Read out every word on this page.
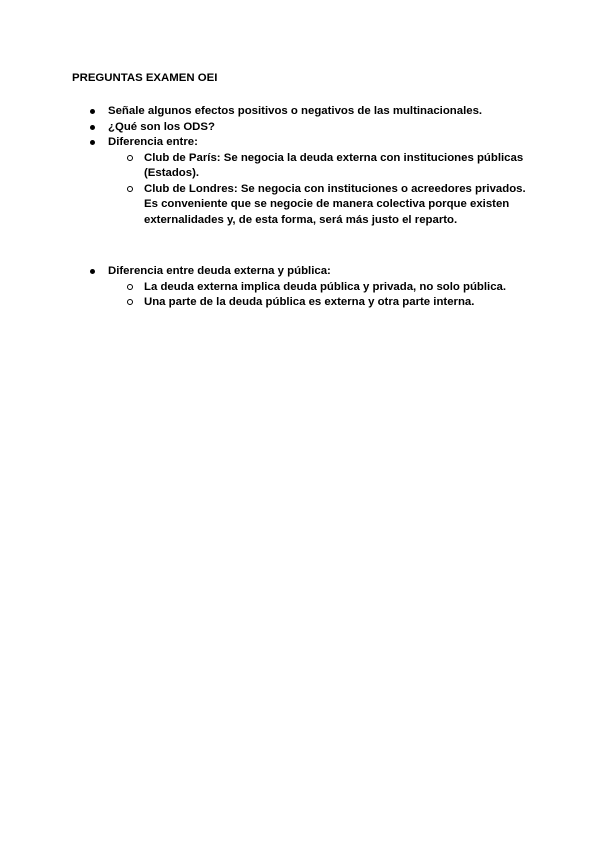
PREGUNTAS EXAMEN OEI
Señale algunos efectos positivos o negativos de las multinacionales.
¿Qué son los ODS?
Diferencia entre:
Club de París: Se negocia la deuda externa con instituciones públicas (Estados).
Club de Londres: Se negocia con instituciones o acreedores privados.
Es conveniente que se negocie de manera colectiva porque existen externalidades y, de esta forma, será más justo el reparto.
Diferencia entre deuda externa y pública:
La deuda externa implica deuda pública y privada, no solo pública.
Una parte de la deuda pública es externa y otra parte interna.
